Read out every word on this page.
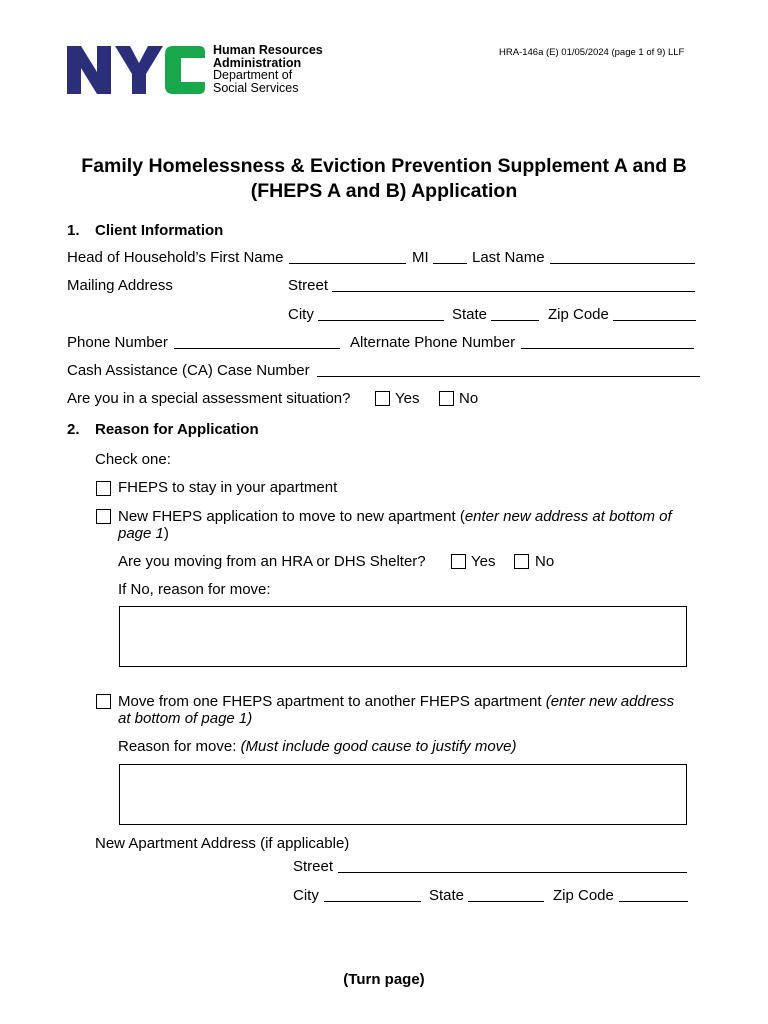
Human Resources
Administration
Department of
Social Services
HRA-146a (E) 01/05/2024 (page 1 of 9) LLF
Family Homelessness & Eviction Prevention Supplement A and B
(FHEPS A and B) Application
1. Client Information
Head of Household’s First Name	MI	Last Name
Mailing Address	Street
City	State	Zip Code
Phone Number	Alternate Phone Number
Cash Assistance (CA) Case Number
Are you in a special assessment situation?	Yes	No
2. Reason for Application
Check one:
FHEPS to stay in your apartment
New FHEPS application to move to new apartment (enter new address at bottom of
page 1)
Are you moving from an HRA or DHS Shelter?	Yes	No
If No, reason for move:
Move from one FHEPS apartment to another FHEPS apartment (enter new address
at bottom of page 1)
Reason for move: (Must include good cause to justify move)
New Apartment Address (if applicable)
Street
City	State	Zip Code
(Turn page)
